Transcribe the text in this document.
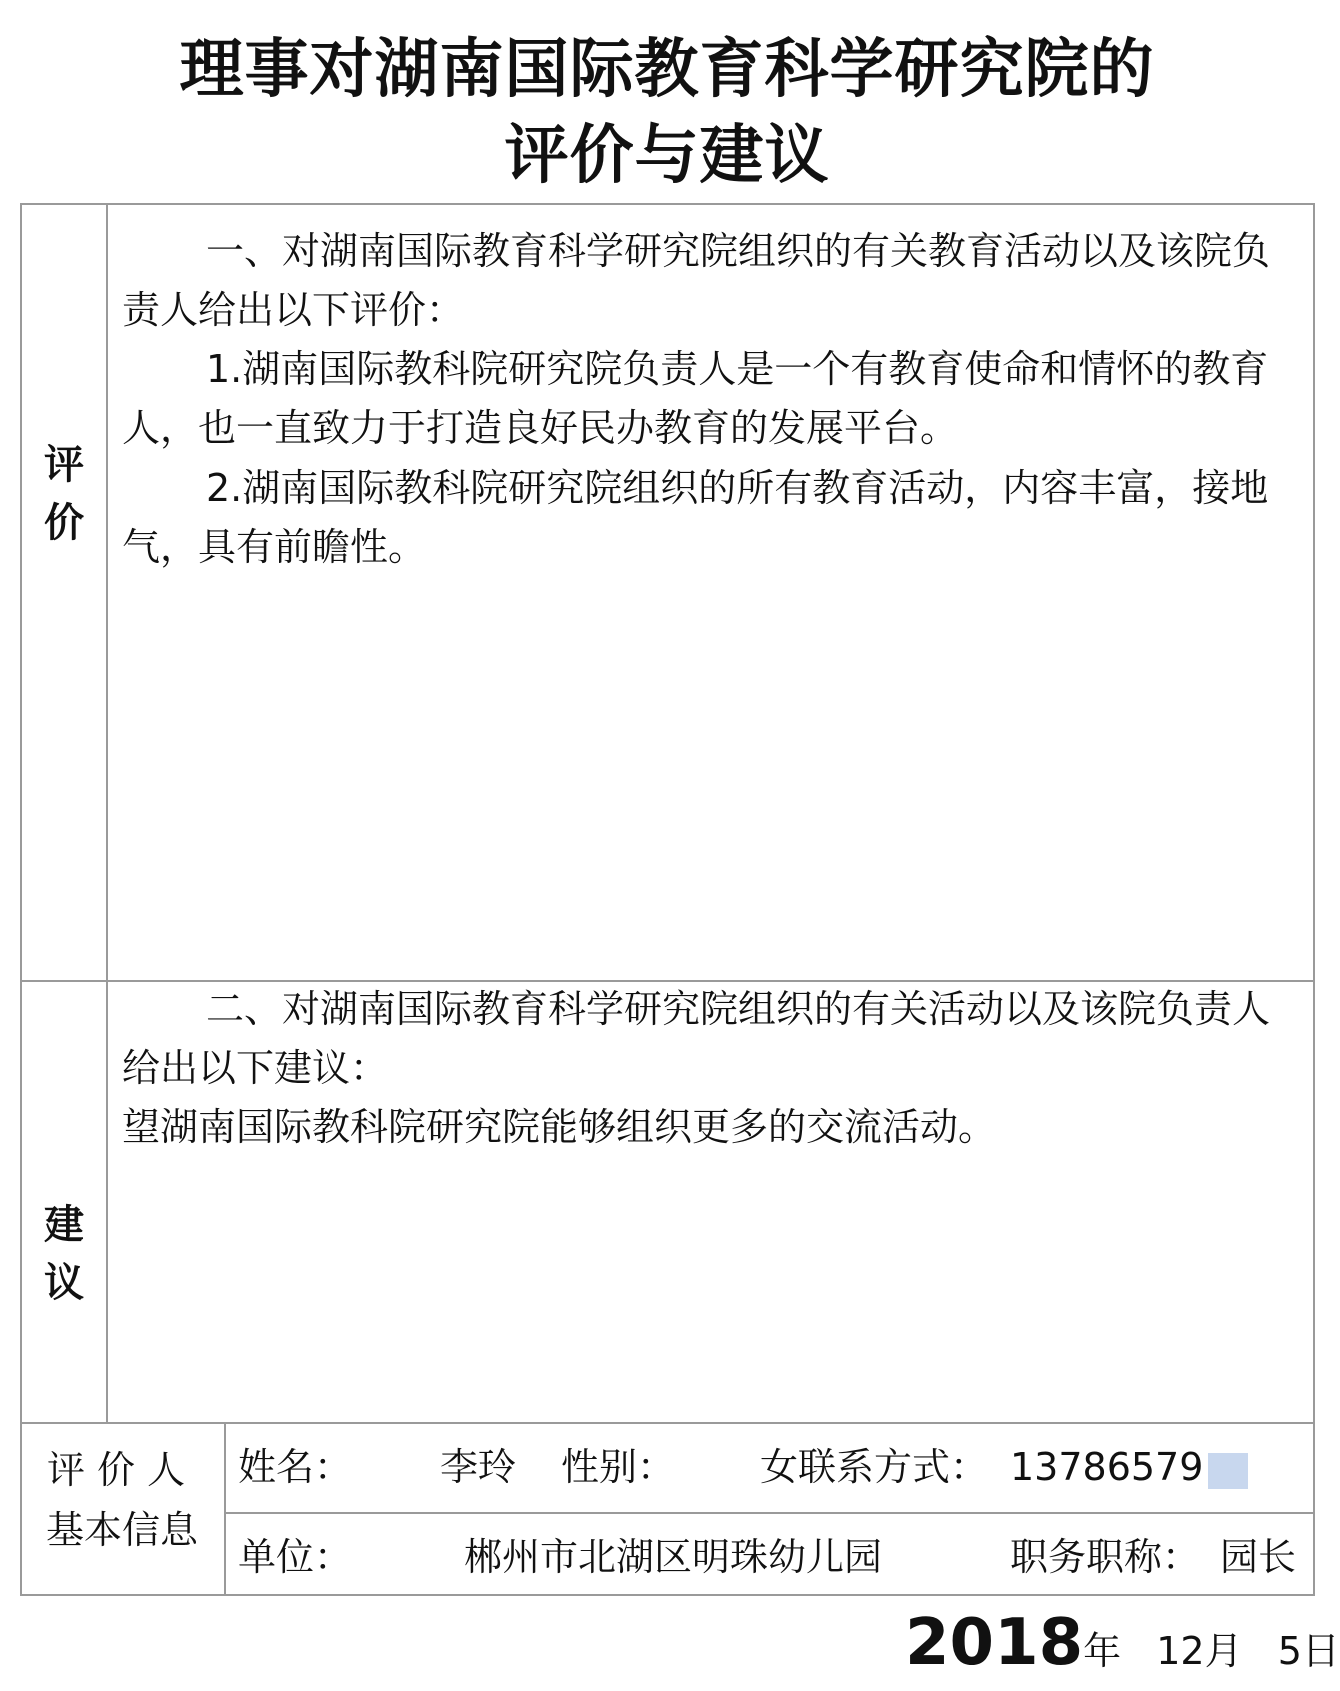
理事对湖南国际教育科学研究院的
评价与建议
评
价

一、对湖南国际教育科学研究院组织的有关教育活动以及该院负责人给出以下评价：

1.湖南国际教科院研究院负责人是一个有教育使命和情怀的教育人，也一直致力于打造良好民办教育的发展平台。

2.湖南国际教科院研究院组织的所有教育活动，内容丰富，接地气，具有前瞻性。

建
议

二、对湖南国际教育科学研究院组织的有关活动以及该院负责人给出以下建议：

望湖南国际教科院研究院能够组织更多的交流活动。

评价人
基本信息
姓名： 李玲 性别： 女 联系方式： 13786579
单位：	郴州市北湖区明珠幼儿园	职务职称： 园长
2018年 12月 5日
